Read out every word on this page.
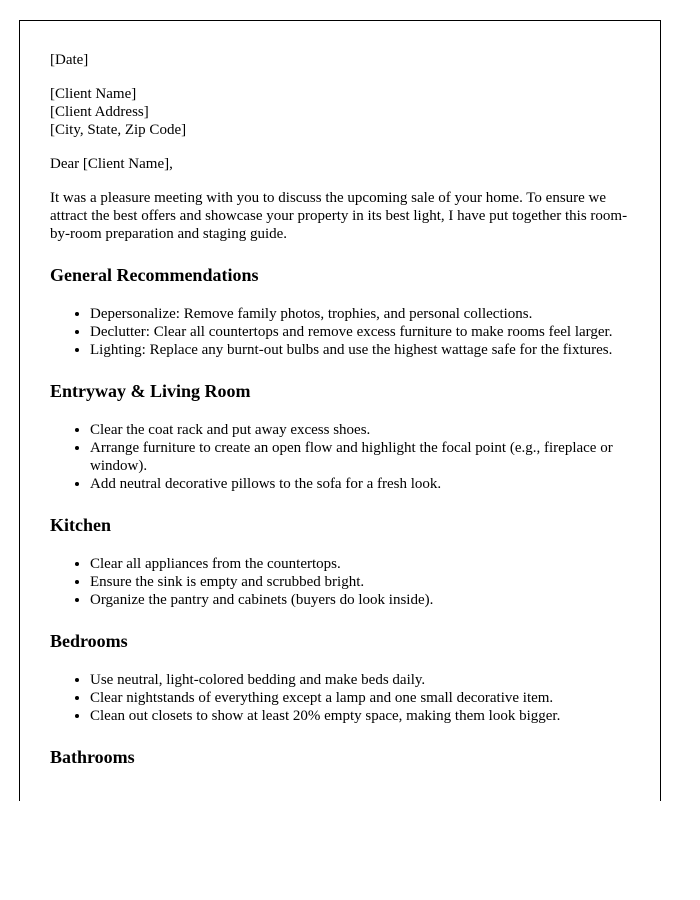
[Date]

[Client Name]

[Client Address]

[City, State, Zip Code]

Dear [Client Name],

It was a pleasure meeting with you to discuss the upcoming sale of your home. To ensure we attract the best offers and showcase your property in its best light, I have put together this room-by-room preparation and staging guide.

General Recommendations
• Depersonalize: Remove family photos, trophies, and personal collections.
• Declutter: Clear all countertops and remove excess furniture to make rooms feel larger.
• Lighting: Replace any burnt-out bulbs and use the highest wattage safe for the fixtures.
Entryway & Living Room
• Clear the coat rack and put away excess shoes.
• Arrange furniture to create an open flow and highlight the focal point (e.g., fireplace or window).
• Add neutral decorative pillows to the sofa for a fresh look.
Kitchen
• Clear all appliances from the countertops.
• Ensure the sink is empty and scrubbed bright.
• Organize the pantry and cabinets (buyers do look inside).
Bedrooms
• Use neutral, light-colored bedding and make beds daily.
• Clear nightstands of everything except a lamp and one small decorative item.
• Clean out closets to show at least 20% empty space, making them look bigger.
Bathrooms
